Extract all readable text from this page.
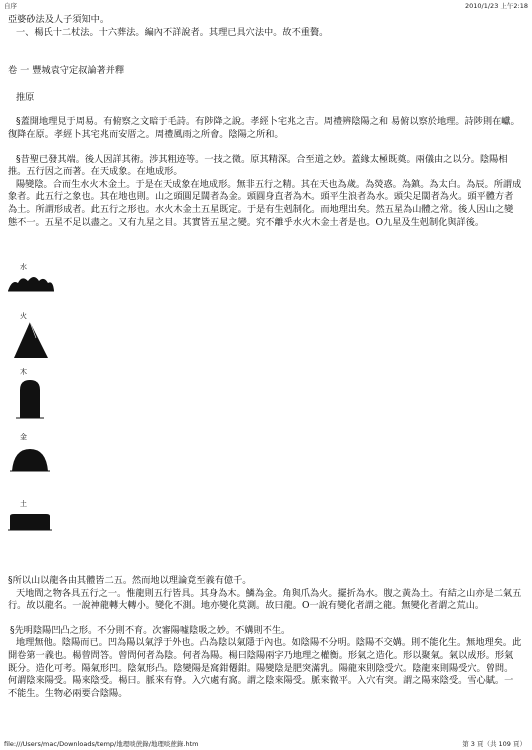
自序	2010/1/23 上午2:18

亞婆砂法及人子須知中。

一、楊氏十二杖法。十六葬法。編內不詳說者。其理已具穴法中。故不重贅。

卷 一 豐城袁守定叔論著并釋

推原

§蓋開地理見于周易。有俯察之文暗于毛詩。有陟降之說。孝經卜宅兆之吉。周禮辨陰陽之和 易俯以察於地理。詩陟則在巘。復降在原。孝經卜其宅兆而安厝之。周禮風雨之所會。陰陽之所和。

§昔聖已發其端。後人因詳其術。涉其粗迹等。一技之微。原其精深。合至道之妙。蓋緣太極既奠。兩儀由之以分。陰陽相推。五行因之而著。在天成象。在地成形。

陽變陰。合而生水火木金土。于是在天成象在地成形。無非五行之精。其在天也為歲。為熒惑。為鎮。為太白。為辰。所謂成象者。此五行之象也。其在地也則。山之頭圓足闊者為金。頭圓身直者為木。頭平生浪者為水。頭尖足闊者為火。頭平體方者為土。所謂形成者。此五行之形也。水火木金土五星既定。于是有生剋制化。而地理出矣。然五星為山體之常。後人因山之變態不一。五星不足以盡之。又有九星之目。其實皆五星之變。究不離乎水火木金土者是也。O九星及生剋制化與詳後。

水
火
木
金
土

§所以山以龍各由其體皆二五。然而地以理論竟至義有億千。

天地間之物各具五行之一。惟龍則五行皆具。其身為木。鱗為金。角與爪為火。擺折為水。腹之黃為土。有結之山亦是二氣五行。故以龍名。一說神龍轉大轉小。變化不測。地亦變化莫測。故曰龍。O一說有變化者謂之龍。無變化者謂之荒山。

§先明陰陽凹凸之形。不分則不育。次審陽噓陰吸之妙。不媾則不生。

地理無他。陰陽而已。凹為陽以氣浮于外也。凸為陰以氣隱于內也。如陰陽不分明。陰陽不交媾。則不能化生。無地理矣。此開卷第一義也。楊曾問答。曾問何者為陰。何者為陽。楊曰陰陽兩字乃地理之權衡。形氣之造化。形以聚氣。氣以成形。形氣既分。造化可考。陽氣形凹。陰氣形凸。陰變陽是窩鉗僊鉗。陽變陰是肥突滿乳。陽龍來則陰受穴。陰龍來則陽受穴。曾問。何謂陰來陽受。陽來陰受。楊曰。脈來有脊。入穴處有窩。謂之陰來陽受。脈來微平。入穴有突。謂之陽來陰受。雪心賦。一不能生。生物必兩要合陰陽。

file:///Users/mac/Downloads/temp/地理啖蔗錄/地理啖蔗錄.htm	第 3 頁（共 109 頁）
